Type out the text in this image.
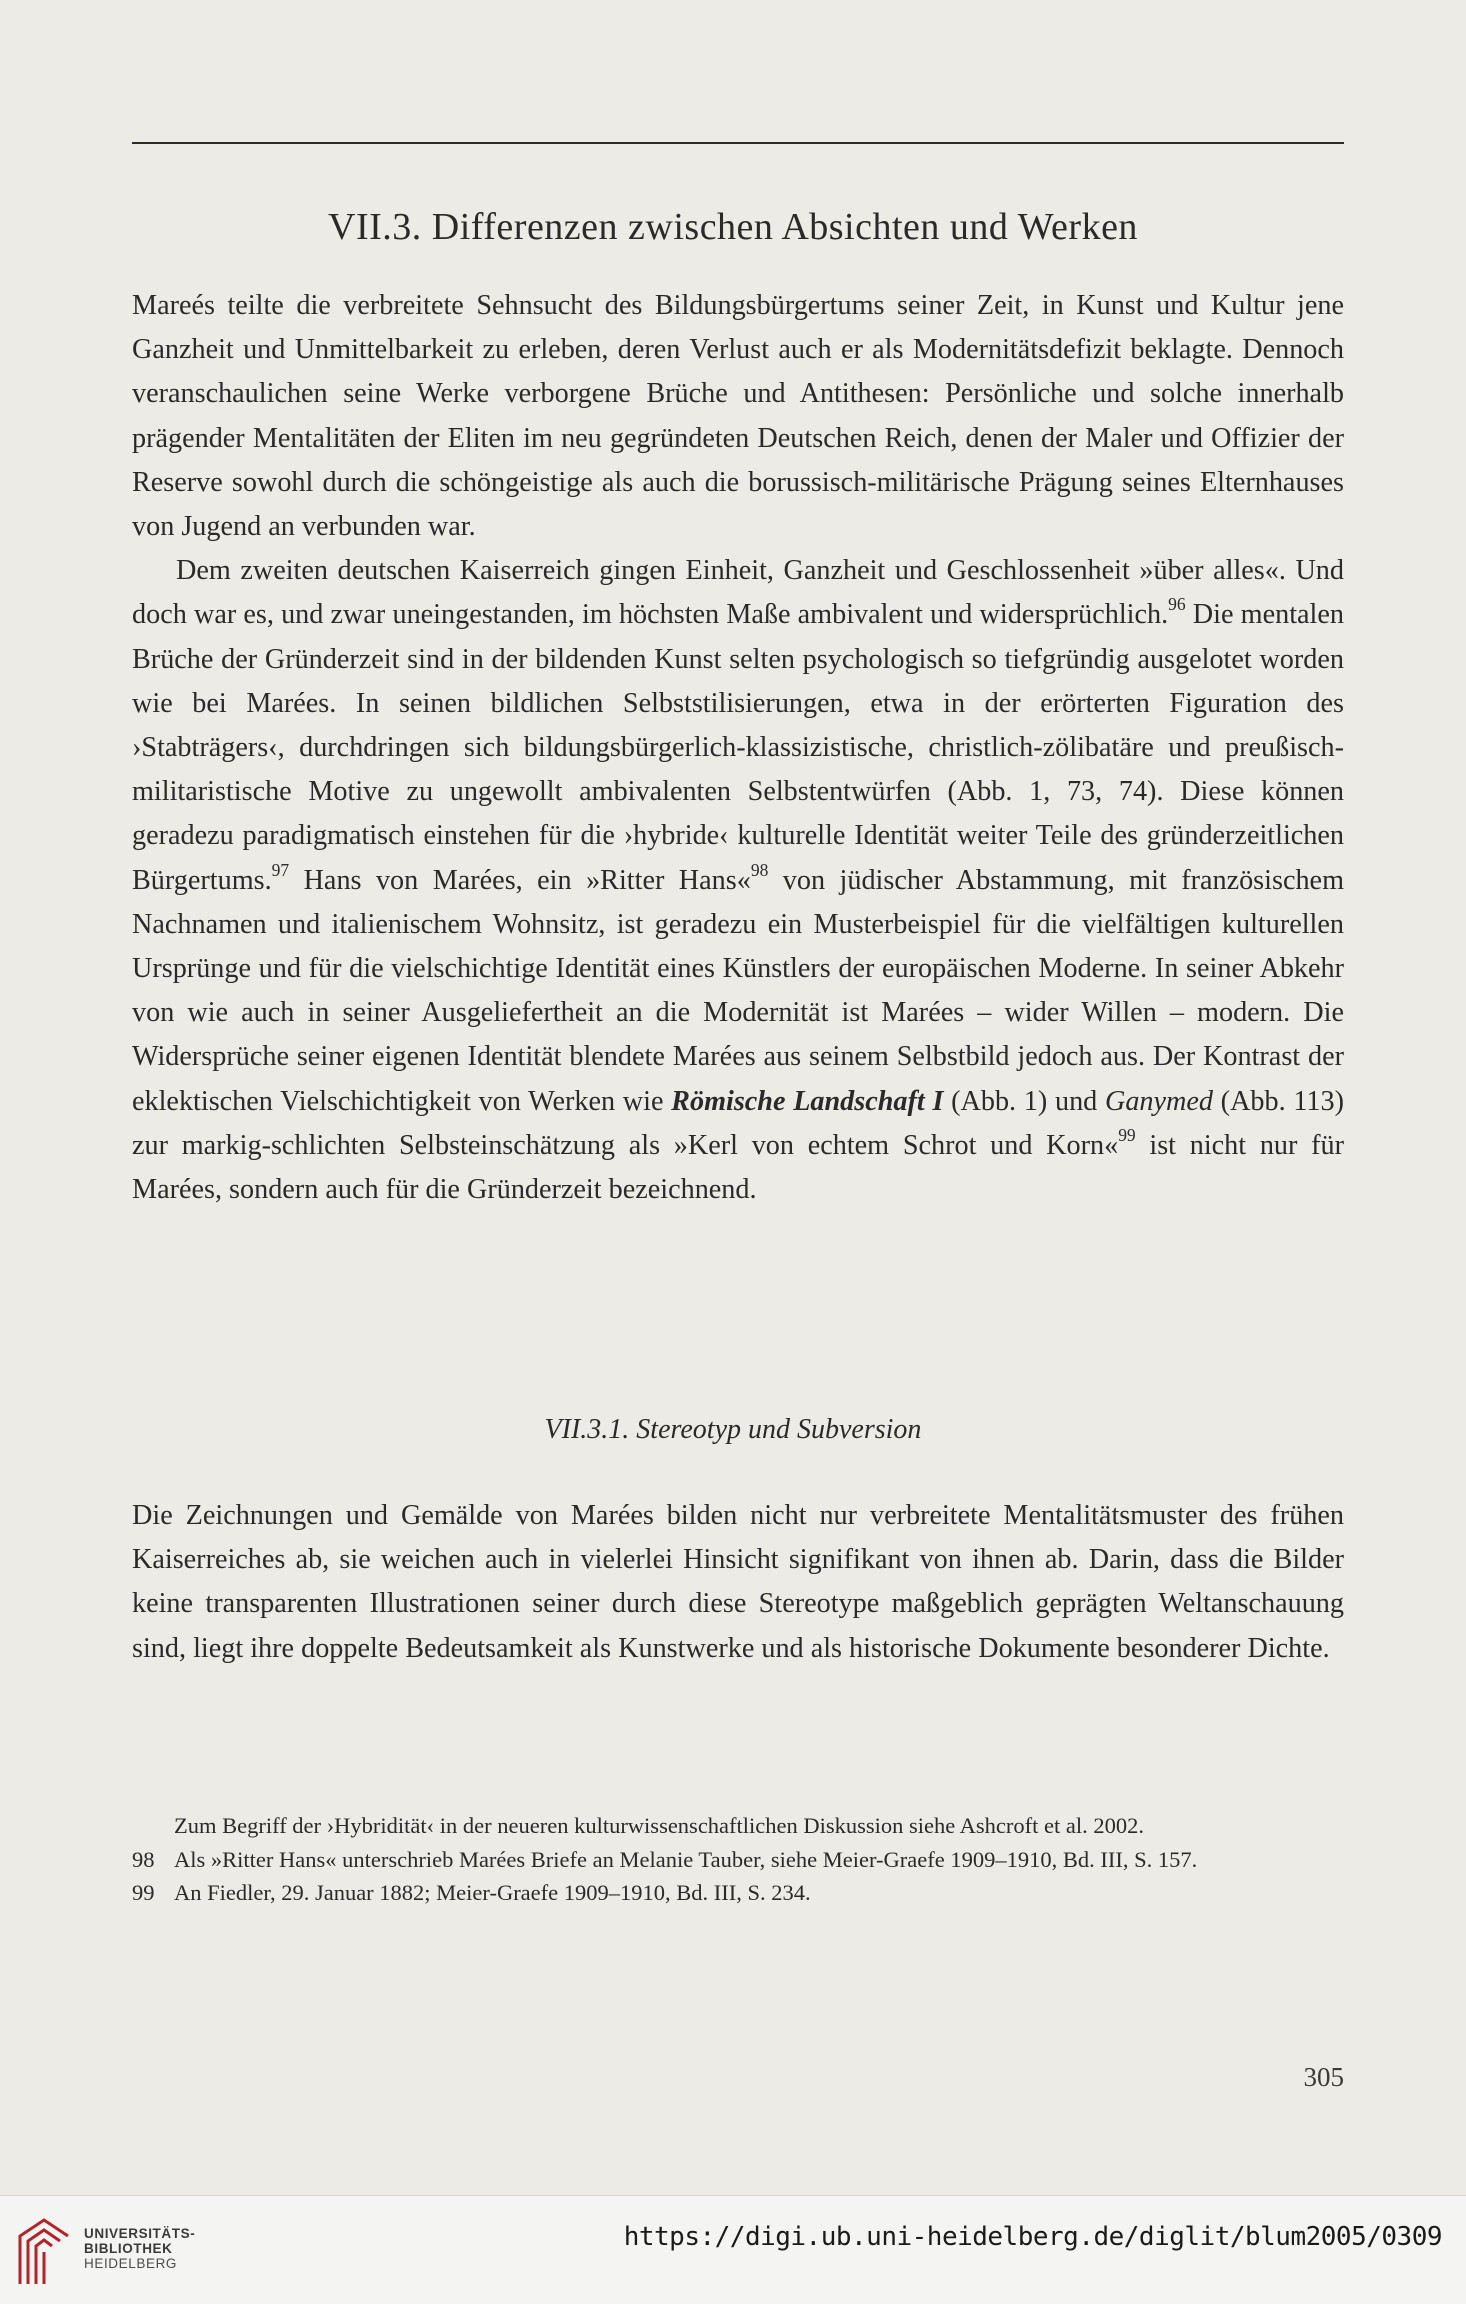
VII.3. Differenzen zwischen Absichten und Werken

Mareés teilte die verbreitete Sehnsucht des Bildungsbürgertums seiner Zeit, in Kunst und Kultur jene Ganzheit und Unmittelbarkeit zu erleben, deren Verlust auch er als Modernitätsdefizit beklagte. Dennoch veranschaulichen seine Werke verborgene Brüche und Antithesen: Persönliche und solche innerhalb prägender Mentalitäten der Eliten im neu gegründeten Deutschen Reich, denen der Maler und Offizier der Reserve sowohl durch die schöngeistige als auch die borussisch-militärische Prägung seines Elternhauses von Jugend an verbunden war.

Dem zweiten deutschen Kaiserreich gingen Einheit, Ganzheit und Geschlossenheit »über alles«. Und doch war es, und zwar uneingestanden, im höchsten Maße ambivalent und widersprüchlich.$^{96}$ Die mentalen Brüche der Gründerzeit sind in der bildenden Kunst selten psychologisch so tiefgründig ausgelotet worden wie bei Marées. In seinen bildlichen Selbststilisierungen, etwa in der erörterten Figuration des ›Stabträgers‹, durchdringen sich bildungsbürgerlich-klassizistische, christlich-zölibatäre und preußisch-militaristische Motive zu ungewollt ambivalenten Selbstentwürfen (Abb. 1, 73, 74). Diese können geradezu paradigmatisch einstehen für die ›hybride‹ kulturelle Identität weiter Teile des gründerzeitlichen Bürgertums.$^{97}$ Hans von Marées, ein »Ritter Hans«$^{98}$ von jüdischer Abstammung, mit französischem Nachnamen und italienischem Wohnsitz, ist geradezu ein Musterbeispiel für die vielfältigen kulturellen Ursprünge und für die vielschichtige Identität eines Künstlers der europäischen Moderne. In seiner Abkehr von wie auch in seiner Ausgeliefertheit an die Modernität ist Marées – wider Willen – modern. Die Widersprüche seiner eigenen Identität blendete Marées aus seinem Selbstbild jedoch aus. Der Kontrast der eklektischen Vielschichtigkeit von Werken wie Römische Landschaft I (Abb. 1) und Ganymed (Abb. 113) zur markig-schlichten Selbsteinschätzung als »Kerl von echtem Schrot und Korn«$^{99}$ ist nicht nur für Marées, sondern auch für die Gründerzeit bezeichnend.

VII.3.1. Stereotyp und Subversion

Die Zeichnungen und Gemälde von Marées bilden nicht nur verbreitete Mentalitätsmuster des frühen Kaiserreiches ab, sie weichen auch in vielerlei Hinsicht signifikant von ihnen ab. Darin, dass die Bilder keine transparenten Illustrationen seiner durch diese Stereotype maßgeblich geprägten Weltanschauung sind, liegt ihre doppelte Bedeutsamkeit als Kunstwerke und als historische Dokumente besonderer Dichte.

Zum Begriff der ›Hybridität‹ in der neueren kulturwissenschaftlichen Diskussion siehe Ashcroft et al. 2002.

98 Als »Ritter Hans« unterschrieb Marées Briefe an Melanie Tauber, siehe Meier-Graefe 1909–1910, Bd. III, S. 157.

99 An Fiedler, 29. Januar 1882; Meier-Graefe 1909–1910, Bd. III, S. 234.

305
UNIVERSITÄTS-
BIBLIOTHEK
HEIDELBERG
https://digi.ub.uni-heidelberg.de/diglit/blum2005/0309
